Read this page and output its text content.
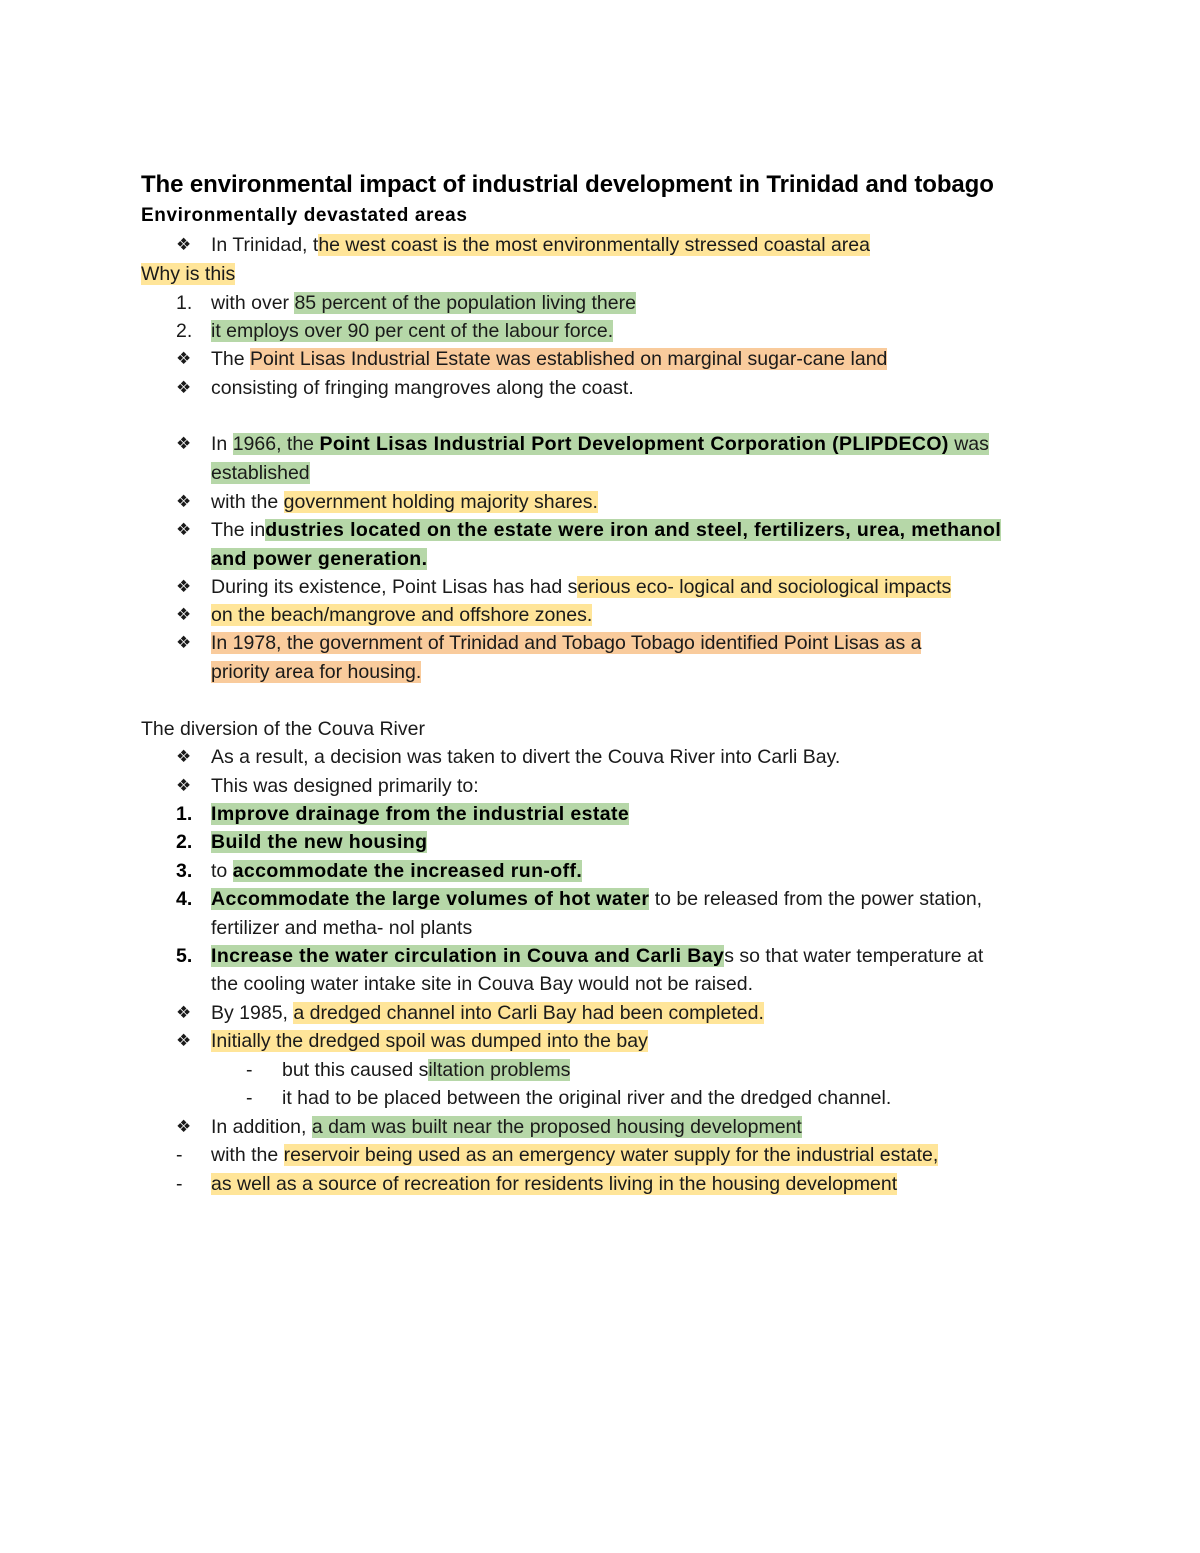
The environmental impact of industrial development in Trinidad and tobago
Environmentally devastated areas
❖ In Trinidad, the west coast is the most environmentally stressed coastal area
Why is this
1. with over 85 percent of the population living there
2. it employs over 90 per cent of the labour force.
❖ The Point Lisas Industrial Estate was established on marginal sugar-cane land
❖ consisting of fringing mangroves along the coast.
❖ In 1966, the Point Lisas Industrial Port Development Corporation (PLIPDECO) was
established
❖ with the government holding majority shares.
❖ The industries located on the estate were iron and steel, fertilizers, urea, methanol
and power generation.
❖ During its existence, Point Lisas has had serious eco- logical and sociological impacts
❖ on the beach/mangrove and offshore zones.
❖ In 1978, the government of Trinidad and Tobago Tobago identified Point Lisas as a
priority area for housing.
The diversion of the Couva River
❖ As a result, a decision was taken to divert the Couva River into Carli Bay.
❖ This was designed primarily to:
1. Improve drainage from the industrial estate
2. Build the new housing
3. to accommodate the increased run-off.
4. Accommodate the large volumes of hot water to be released from the power station,
fertilizer and metha- nol plants
5. Increase the water circulation in Couva and Carli Bays so that water temperature at
the cooling water intake site in Couva Bay would not be raised.
❖ By 1985, a dredged channel into Carli Bay had been completed.
❖ Initially the dredged spoil was dumped into the bay
- but this caused siltation problems
- it had to be placed between the original river and the dredged channel.
❖ In addition, a dam was built near the proposed housing development
- with the reservoir being used as an emergency water supply for the industrial estate,
- as well as a source of recreation for residents living in the housing development
